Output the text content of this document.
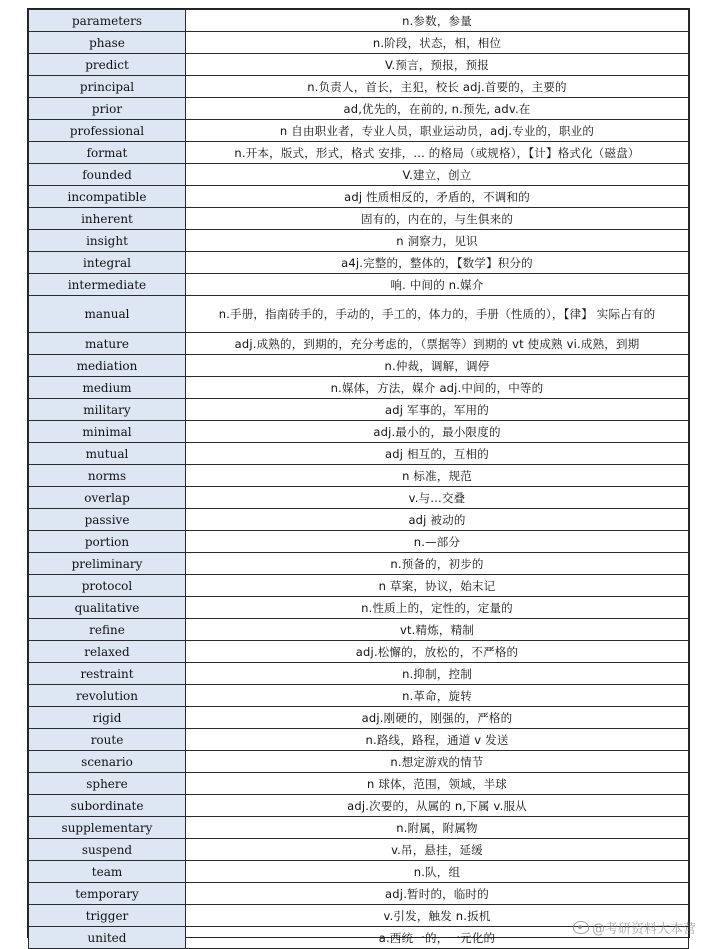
parameters	n.参数，参量
phase	n.阶段，状态，相，相位
predict	V.预言，预报，预报
principal	n.负责人，首长，主犯，校长 adj.首要的，主要的
prior	ad,优先的，在前的, n.预先, adv.在
professional	n 自由职业者，专业人员，职业运动员，adj.专业的，职业的
format	n.开本，版式，形式，格式 安排，... 的格局（或规格），【计】格式化（磁盘）
founded	V.建立，创立
incompatible	adj 性质相反的，矛盾的，不调和的
inherent	固有的，内在的，与生俱来的
insight	n 洞察力，见识
integral	a4j.完整的，整体的，【数学】积分的
intermediate	响. 中间的 n.媒介
manual	n.手册，指南砖手的，手动的，手工的，体力的，手册（性质的），【律】 实际占有的
mature	adj.成熟的，到期的，充分考虑的，（票据等）到期的 vt 使成熟 vi.成熟，到期
mediation	n.仲裁，调解，调停
medium	n.媒体，方法，媒介 adj.中间的，中等的
military	adj 军事的，军用的
minimal	adj.最小的，最小限度的
mutual	adj 相互的，互相的
norms	n 标准，规范
overlap	v.与…交叠
passive	adj 被动的
portion	n.—部分
preliminary	n.预备的，初步的
protocol	n 草案，协议，始末记
qualitative	n.性质上的，定性的，定量的
refine	vt.精炼，精制
relaxed	adj.松懈的，放松的，不严格的
restraint	n.抑制，控制
revolution	n.革命，旋转
rigid	adj.刚硬的，刚强的，严格的
route	n.路线，路程，通道 v 发送
scenario	n.想定游戏的情节
sphere	n 球体，范围，领域，半球
subordinate	adj.次要的，从属的 n,下属 v.服从
supplementary	n.附属，附属物
suspend	v.吊，悬挂，延缓
team	n.队，组
temporary	adj.暂时的，临时的
trigger	v.引发，触发 n.扳机
united	a.西统一的，一元化的
@考研资料大本营
